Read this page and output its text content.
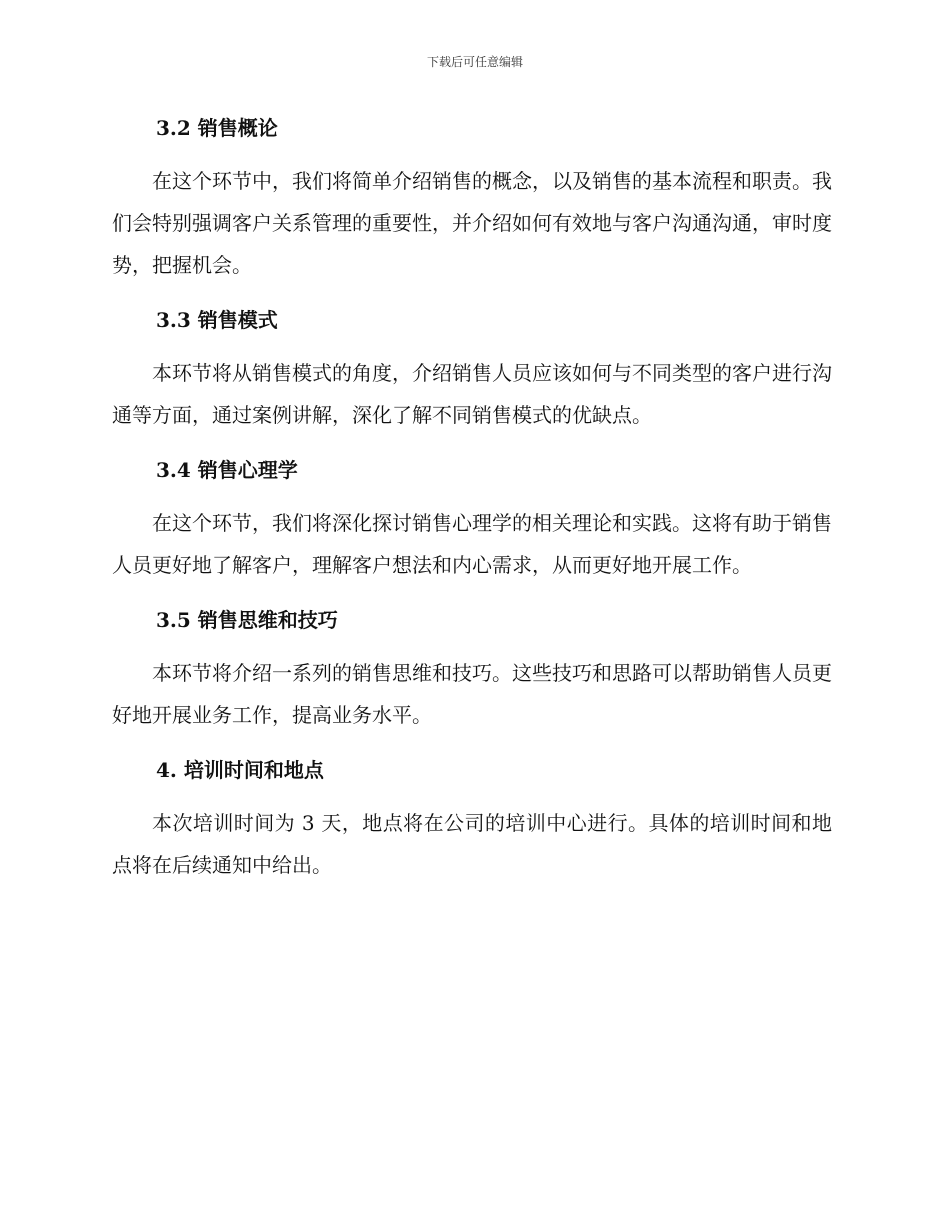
下载后可任意编辑
3.2 销售概论

在这个环节中，我们将简单介绍销售的概念，以及销售的基本流程和职责。我们会特别强调客户关系管理的重要性，并介绍如何有效地与客户沟通沟通，审时度势，把握机会。

3.3 销售模式

本环节将从销售模式的角度，介绍销售人员应该如何与不同类型的客户进行沟通等方面，通过案例讲解，深化了解不同销售模式的优缺点。

3.4 销售心理学

在这个环节，我们将深化探讨销售心理学的相关理论和实践。这将有助于销售人员更好地了解客户，理解客户想法和内心需求，从而更好地开展工作。

3.5 销售思维和技巧

本环节将介绍一系列的销售思维和技巧。这些技巧和思路可以帮助销售人员更好地开展业务工作，提高业务水平。

4. 培训时间和地点

本次培训时间为 3 天，地点将在公司的培训中心进行。具体的培训时间和地点将在后续通知中给出。
